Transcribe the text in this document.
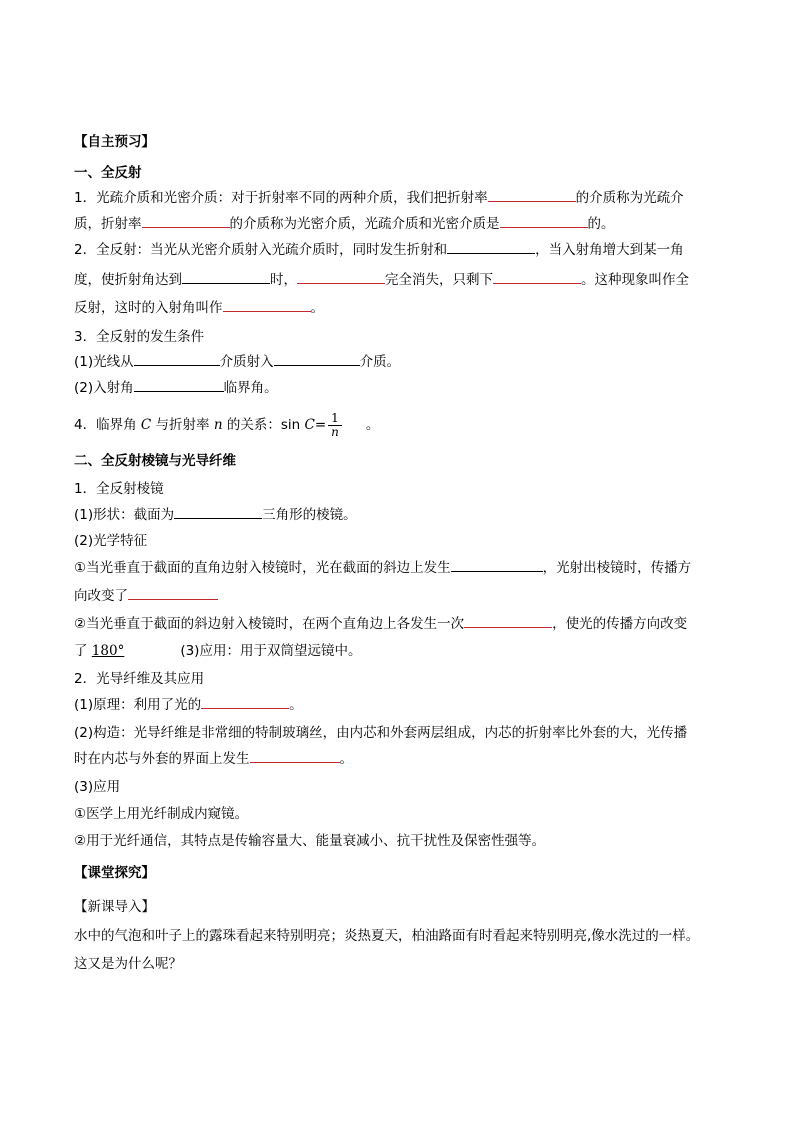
【自主预习】
一、全反射
1．光疏介质和光密介质：对于折射率不同的两种介质，我们把折射率	的介质称为光疏介
质，折射率	的介质称为光密介质，光疏介质和光密介质是	的。
2．全反射：当光从光密介质射入光疏介质时，同时发生折射和	，当入射角增大到某一角
度，使折射角达到	时，	完全消失，只剩下	。这种现象叫作全
反射，这时的入射角叫作	。
3．全反射的发生条件
(1)光线从	介质射入	介质。
(2)入射角	临界角。
4．临界角 C 与折射率 n 的关系：$\sin C= \frac{1}{n}$ 。
二、全反射棱镜与光导纤维
1．全反射棱镜
(1)形状：截面为	三角形的棱镜。
(2)光学特征
①当光垂直于截面的直角边射入棱镜时，光在截面的斜边上发生	，光射出棱镜时，传播方
向改变了
②当光垂直于截面的斜边射入棱镜时，在两个直角边上各发生一次	，使光的传播方向改变
了 180°	(3)应用：用于双筒望远镜中。
2．光导纤维及其应用
(1)原理：利用了光的	。
(2)构造：光导纤维是非常细的特制玻璃丝，由内芯和外套两层组成，内芯的折射率比外套的大，光传播
时在内芯与外套的界面上发生	。
(3)应用
①医学上用光纤制成内窥镜。
②用于光纤通信，其特点是传输容量大、能量衰减小、抗干扰性及保密性强等。
【课堂探究】
【新课导入】
水中的气泡和叶子上的露珠看起来特别明亮；炎热夏天，柏油路面有时看起来特别明亮,像水洗过的一样。
这又是为什么呢？
